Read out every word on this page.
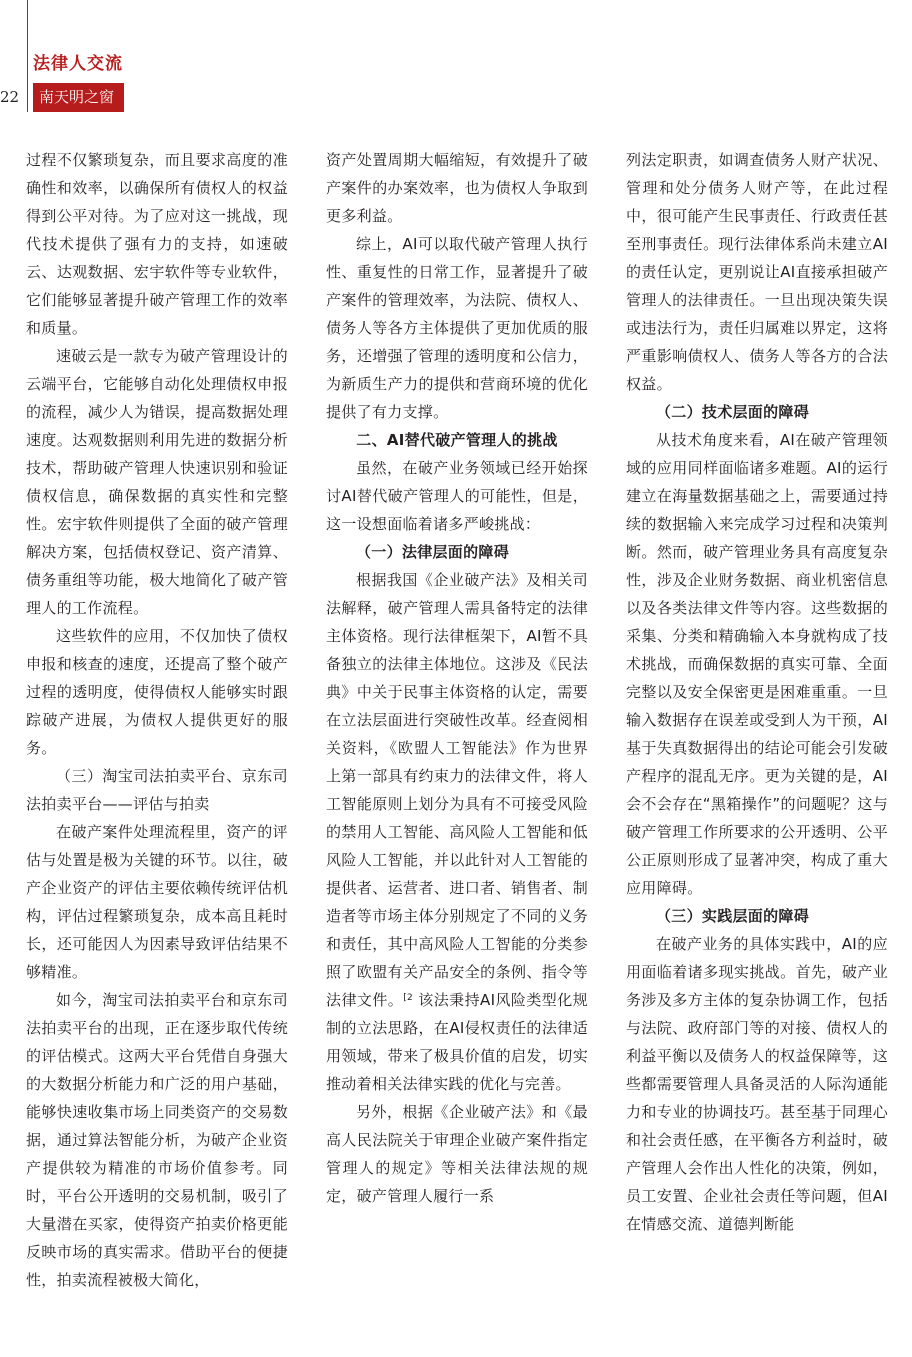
法律人交流
22	南天明之窗

过程不仅繁琐复杂，而且要求高度的准确性和效率，以确保所有债权人的权益得到公平对待。为了应对这一挑战，现代技术提供了强有力的支持，如速破云、达观数据、宏宇软件等专业软件，它们能够显著提升破产管理工作的效率和质量。

速破云是一款专为破产管理设计的云端平台，它能够自动化处理债权申报的流程，减少人为错误，提高数据处理速度。达观数据则利用先进的数据分析技术，帮助破产管理人快速识别和验证债权信息，确保数据的真实性和完整性。宏宇软件则提供了全面的破产管理解决方案，包括债权登记、资产清算、债务重组等功能，极大地简化了破产管理人的工作流程。

这些软件的应用，不仅加快了债权申报和核查的速度，还提高了整个破产过程的透明度，使得债权人能够实时跟踪破产进展，为债权人提供更好的服务。

（三）淘宝司法拍卖平台、京东司法拍卖平台——评估与拍卖

在破产案件处理流程里，资产的评估与处置是极为关键的环节。以往，破产企业资产的评估主要依赖传统评估机构，评估过程繁琐复杂，成本高且耗时长，还可能因人为因素导致评估结果不够精准。

如今，淘宝司法拍卖平台和京东司法拍卖平台的出现，正在逐步取代传统的评估模式。这两大平台凭借自身强大的大数据分析能力和广泛的用户基础，能够快速收集市场上同类资产的交易数据，通过算法智能分析，为破产企业资产提供较为精准的市场价值参考。同时，平台公开透明的交易机制，吸引了大量潜在买家，使得资产拍卖价格更能反映市场的真实需求。借助平台的便捷性，拍卖流程被极大简化，

资产处置周期大幅缩短，有效提升了破产案件的办案效率，也为债权人争取到更多利益。

综上，AI可以取代破产管理人执行性、重复性的日常工作，显著提升了破产案件的管理效率，为法院、债权人、债务人等各方主体提供了更加优质的服务，还增强了管理的透明度和公信力，为新质生产力的提供和营商环境的优化提供了有力支撑。

二、AI替代破产管理人的挑战

虽然，在破产业务领域已经开始探讨AI替代破产管理人的可能性，但是，这一设想面临着诸多严峻挑战：

（一）法律层面的障碍

根据我国《企业破产法》及相关司法解释，破产管理人需具备特定的法律主体资格。现行法律框架下，AI暂不具备独立的法律主体地位。这涉及《民法典》中关于民事主体资格的认定，需要在立法层面进行突破性改革。经查阅相关资料，《欧盟人工智能法》作为世界上第一部具有约束力的法律文件，将人工智能原则上划分为具有不可接受风险的禁用人工智能、高风险人工智能和低风险人工智能，并以此针对人工智能的提供者、运营者、进口者、销售者、制造者等市场主体分别规定了不同的义务和责任，其中高风险人工智能的分类参照了欧盟有关产品安全的条例、指令等法律文件。$^{[2}$ 该法秉持AI风险类型化规制的立法思路，在AI侵权责任的法律适用领域，带来了极具价值的启发，切实推动着相关法律实践的优化与完善。

另外，根据《企业破产法》和《最高人民法院关于审理企业破产案件指定管理人的规定》等相关法律法规的规定，破产管理人履行一系

列法定职责，如调查债务人财产状况、管理和处分债务人财产等，在此过程中，很可能产生民事责任、行政责任甚至刑事责任。现行法律体系尚未建立AI的责任认定，更别说让AI直接承担破产管理人的法律责任。一旦出现决策失误或违法行为，责任归属难以界定，这将严重影响债权人、债务人等各方的合法权益。

（二）技术层面的障碍

从技术角度来看，AI在破产管理领域的应用同样面临诸多难题。AI的运行建立在海量数据基础之上，需要通过持续的数据输入来完成学习过程和决策判断。然而，破产管理业务具有高度复杂性，涉及企业财务数据、商业机密信息以及各类法律文件等内容。这些数据的采集、分类和精确输入本身就构成了技术挑战，而确保数据的真实可靠、全面完整以及安全保密更是困难重重。一旦输入数据存在误差或受到人为干预，AI基于失真数据得出的结论可能会引发破产程序的混乱无序。更为关键的是，AI会不会存在“黑箱操作”的问题呢？这与破产管理工作所要求的公开透明、公平公正原则形成了显著冲突，构成了重大应用障碍。

（三）实践层面的障碍

在破产业务的具体实践中，AI的应用面临着诸多现实挑战。首先，破产业务涉及多方主体的复杂协调工作，包括与法院、政府部门等的对接、债权人的利益平衡以及债务人的权益保障等，这些都需要管理人具备灵活的人际沟通能力和专业的协调技巧。甚至基于同理心和社会责任感，在平衡各方利益时，破产管理人会作出人性化的决策，例如，员工安置、企业社会责任等问题，但AI在情感交流、道德判断能
